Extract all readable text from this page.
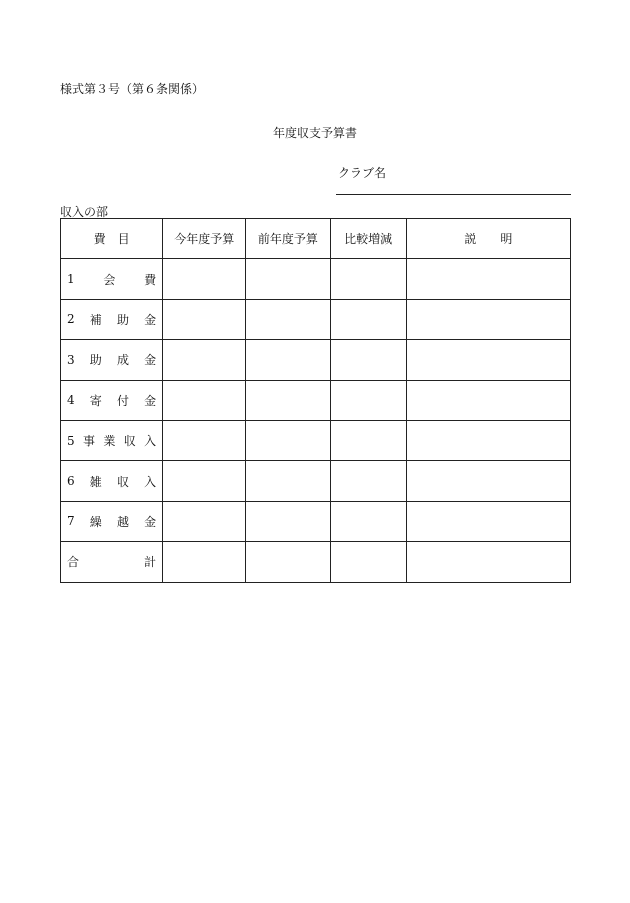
様式第３号（第６条関係）
年度収支予算書
クラブ名
収入の部
費　目	今年度予算	前年度予算	比較増減	説　　明

1 会 費				

2 補 助 金				

3 助 成 金				

4 寄 付 金				

5 事 業 収 入				

6 雑 収 入				

7 繰 越 金				

合 計				
